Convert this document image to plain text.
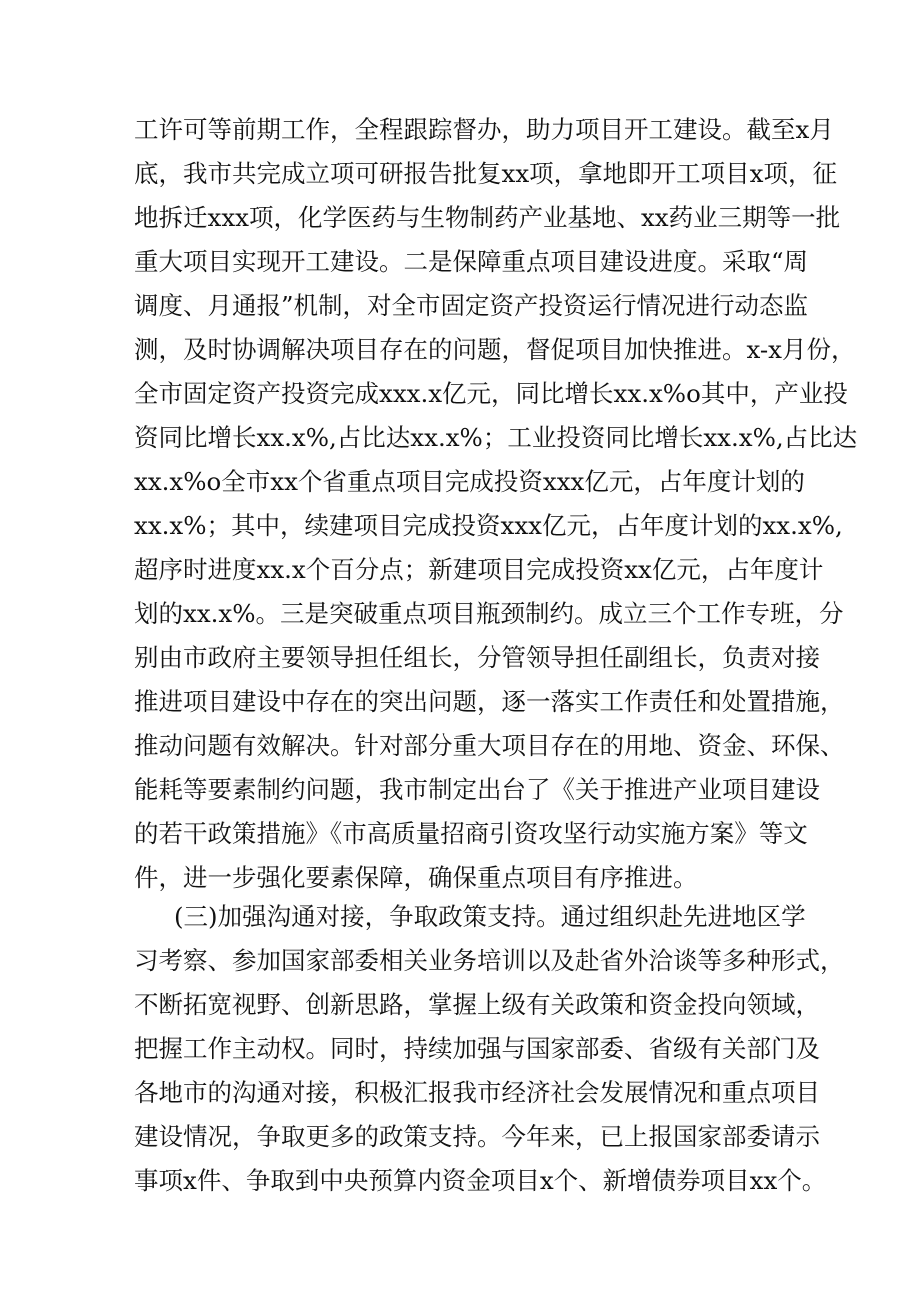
工许可等前期工作，全程跟踪督办，助力项目开工建设。截至x月
底，我市共完成立项可研报告批复xx项，拿地即开工项目x项，征
地拆迁xxx项，化学医药与生物制药产业基地、xx药业三期等一批
重大项目实现开工建设。二是保障重点项目建设进度。采取“周
调度、月通报”机制，对全市固定资产投资运行情况进行动态监
测，及时协调解决项目存在的问题，督促项目加快推进。x-x月份，
全市固定资产投资完成xxx.x亿元，同比增长xx.x%o其中，产业投
资同比增长xx.x%,占比达xx.x%；工业投资同比增长xx.x%,占比达
xx.x%o全市xx个省重点项目完成投资xxx亿元，占年度计划的
xx.x%；其中，续建项目完成投资xxx亿元，占年度计划的xx.x%,
超序时进度xx.x个百分点；新建项目完成投资xx亿元，占年度计
划的xx.x%。三是突破重点项目瓶颈制约。成立三个工作专班，分
别由市政府主要领导担任组长，分管领导担任副组长，负责对接
推进项目建设中存在的突出问题，逐一落实工作责任和处置措施，
推动问题有效解决。针对部分重大项目存在的用地、资金、环保、
能耗等要素制约问题，我市制定出台了《关于推进产业项目建设
的若干政策措施》《市高质量招商引资攻坚行动实施方案》等文
件，进一步强化要素保障，确保重点项目有序推进。
(三)加强沟通对接，争取政策支持。通过组织赴先进地区学
习考察、参加国家部委相关业务培训以及赴省外洽谈等多种形式，
不断拓宽视野、创新思路，掌握上级有关政策和资金投向领域，
把握工作主动权。同时，持续加强与国家部委、省级有关部门及
各地市的沟通对接，积极汇报我市经济社会发展情况和重点项目
建设情况，争取更多的政策支持。今年来，已上报国家部委请示
事项x件、争取到中央预算内资金项目x个、新增债券项目xx个。
